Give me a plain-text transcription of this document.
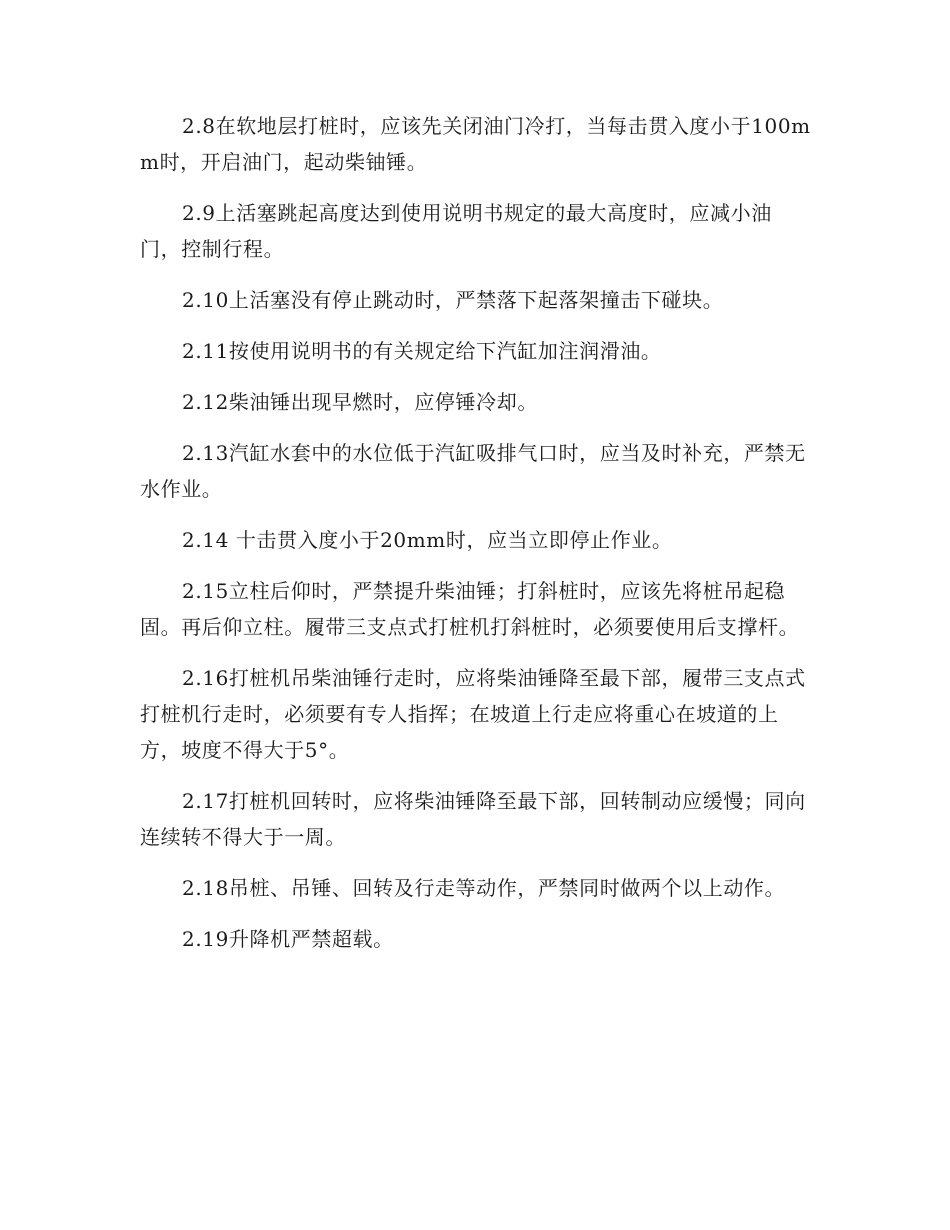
2.8在软地层打桩时，应该先关闭油门冷打，当每击贯入度小于100mm时，开启油门，起动柴铀锤。

2.9上活塞跳起高度达到使用说明书规定的最大高度时，应减小油门，控制行程。

2.10上活塞没有停止跳动时，严禁落下起落架撞击下碰块。

2.11按使用说明书的有关规定给下汽缸加注润滑油。

2.12柴油锤出现早燃时，应停锤冷却。

2.13汽缸水套中的水位低于汽缸吸排气口时，应当及时补充，严禁无水作业。

2.14 十击贯入度小于20mm时，应当立即停止作业。

2.15立柱后仰时，严禁提升柴油锤；打斜桩时，应该先将桩吊起稳固。再后仰立柱。履带三支点式打桩机打斜桩时，必须要使用后支撑杆。

2.16打桩机吊柴油锤行走时，应将柴油锤降至最下部，履带三支点式打桩机行走时，必须要有专人指挥；在坡道上行走应将重心在坡道的上方，坡度不得大于5°。

2.17打桩机回转时，应将柴油锤降至最下部，回转制动应缓慢；同向连续转不得大于一周。

2.18吊桩、吊锤、回转及行走等动作，严禁同时做两个以上动作。

2.19升降机严禁超载。
